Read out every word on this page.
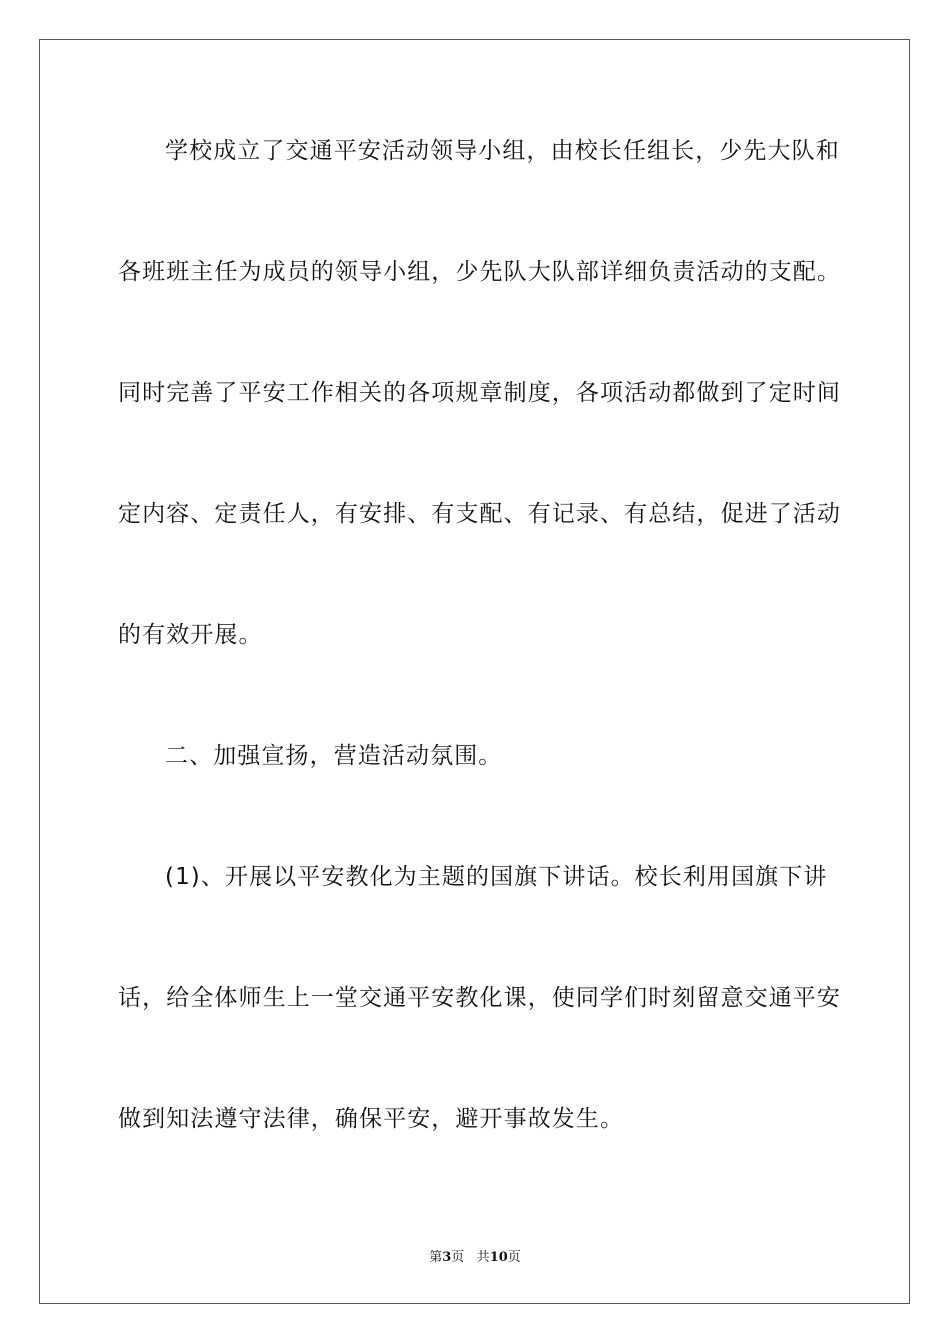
学校成立了交通平安活动领导小组，由校长任组长，少先大队和
各班班主任为成员的领导小组，少先队大队部详细负责活动的支配。
同时完善了平安工作相关的各项规章制度，各项活动都做到了定时间
定内容、定责任人，有安排、有支配、有记录、有总结，促进了活动
的有效开展。
二、加强宣扬，营造活动氛围。
(1)、开展以平安教化为主题的国旗下讲话。校长利用国旗下讲
话，给全体师生上一堂交通平安教化课，使同学们时刻留意交通平安
做到知法遵守法律，确保平安，避开事故发生。
第3页 共10页
